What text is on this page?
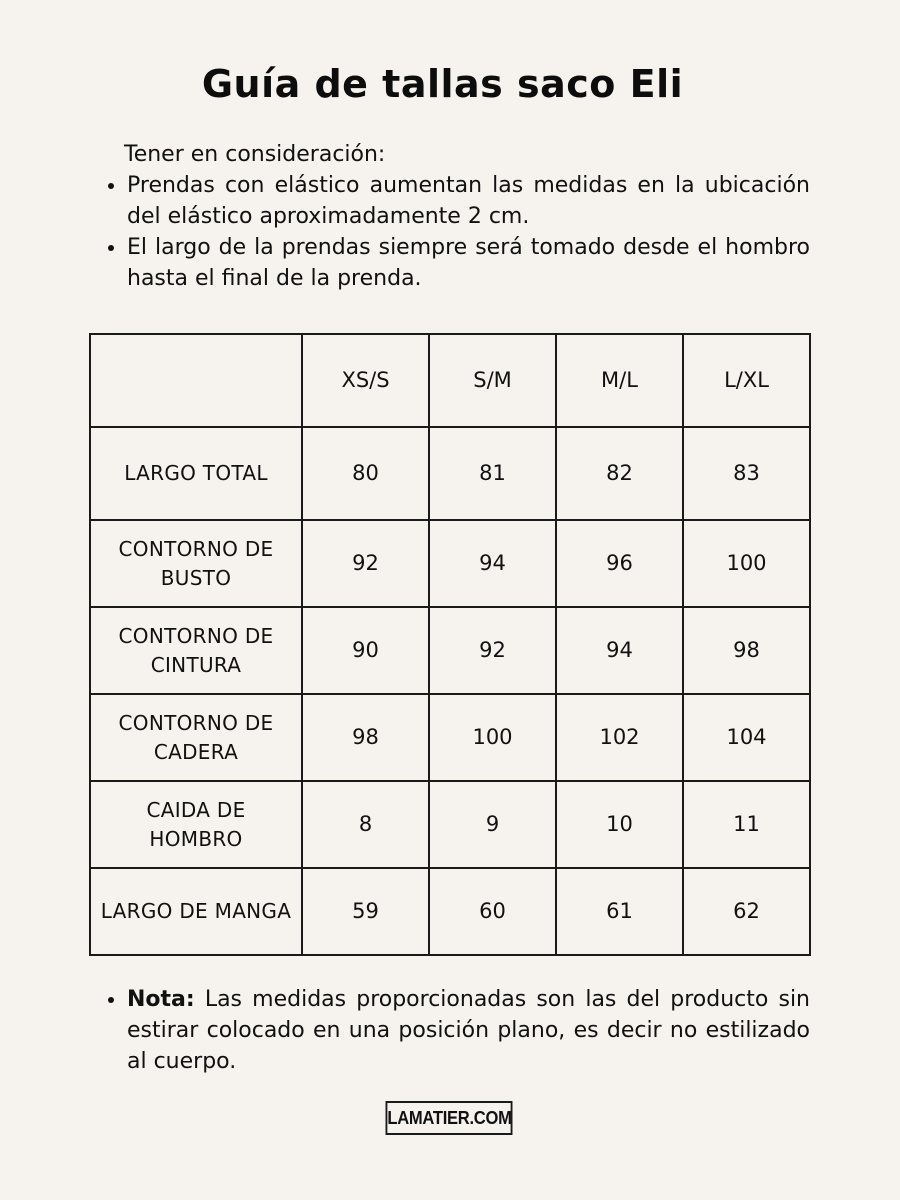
Guía de tallas saco Eli

Tener en consideración:

Prendas con elástico aumentan las medidas en la ubicación del elástico aproximadamente 2 cm.
El largo de la prendas siempre será tomado desde el hombro hasta el final de la prenda.
	XS/S	S/M	M/L	L/XL
LARGO TOTAL	80	81	82	83
CONTORNO DE BUSTO	92	94	96	100
CONTORNO DE CINTURA	90	92	94	98
CONTORNO DE CADERA	98	100	102	104
CAIDA DE HOMBRO	8	9	10	11
LARGO DE MANGA	59	60	61	62
Nota: Las medidas proporcionadas son las del producto sin estirar colocado en una posición plano, es decir no estilizado al cuerpo.
LAMATIER.COM
